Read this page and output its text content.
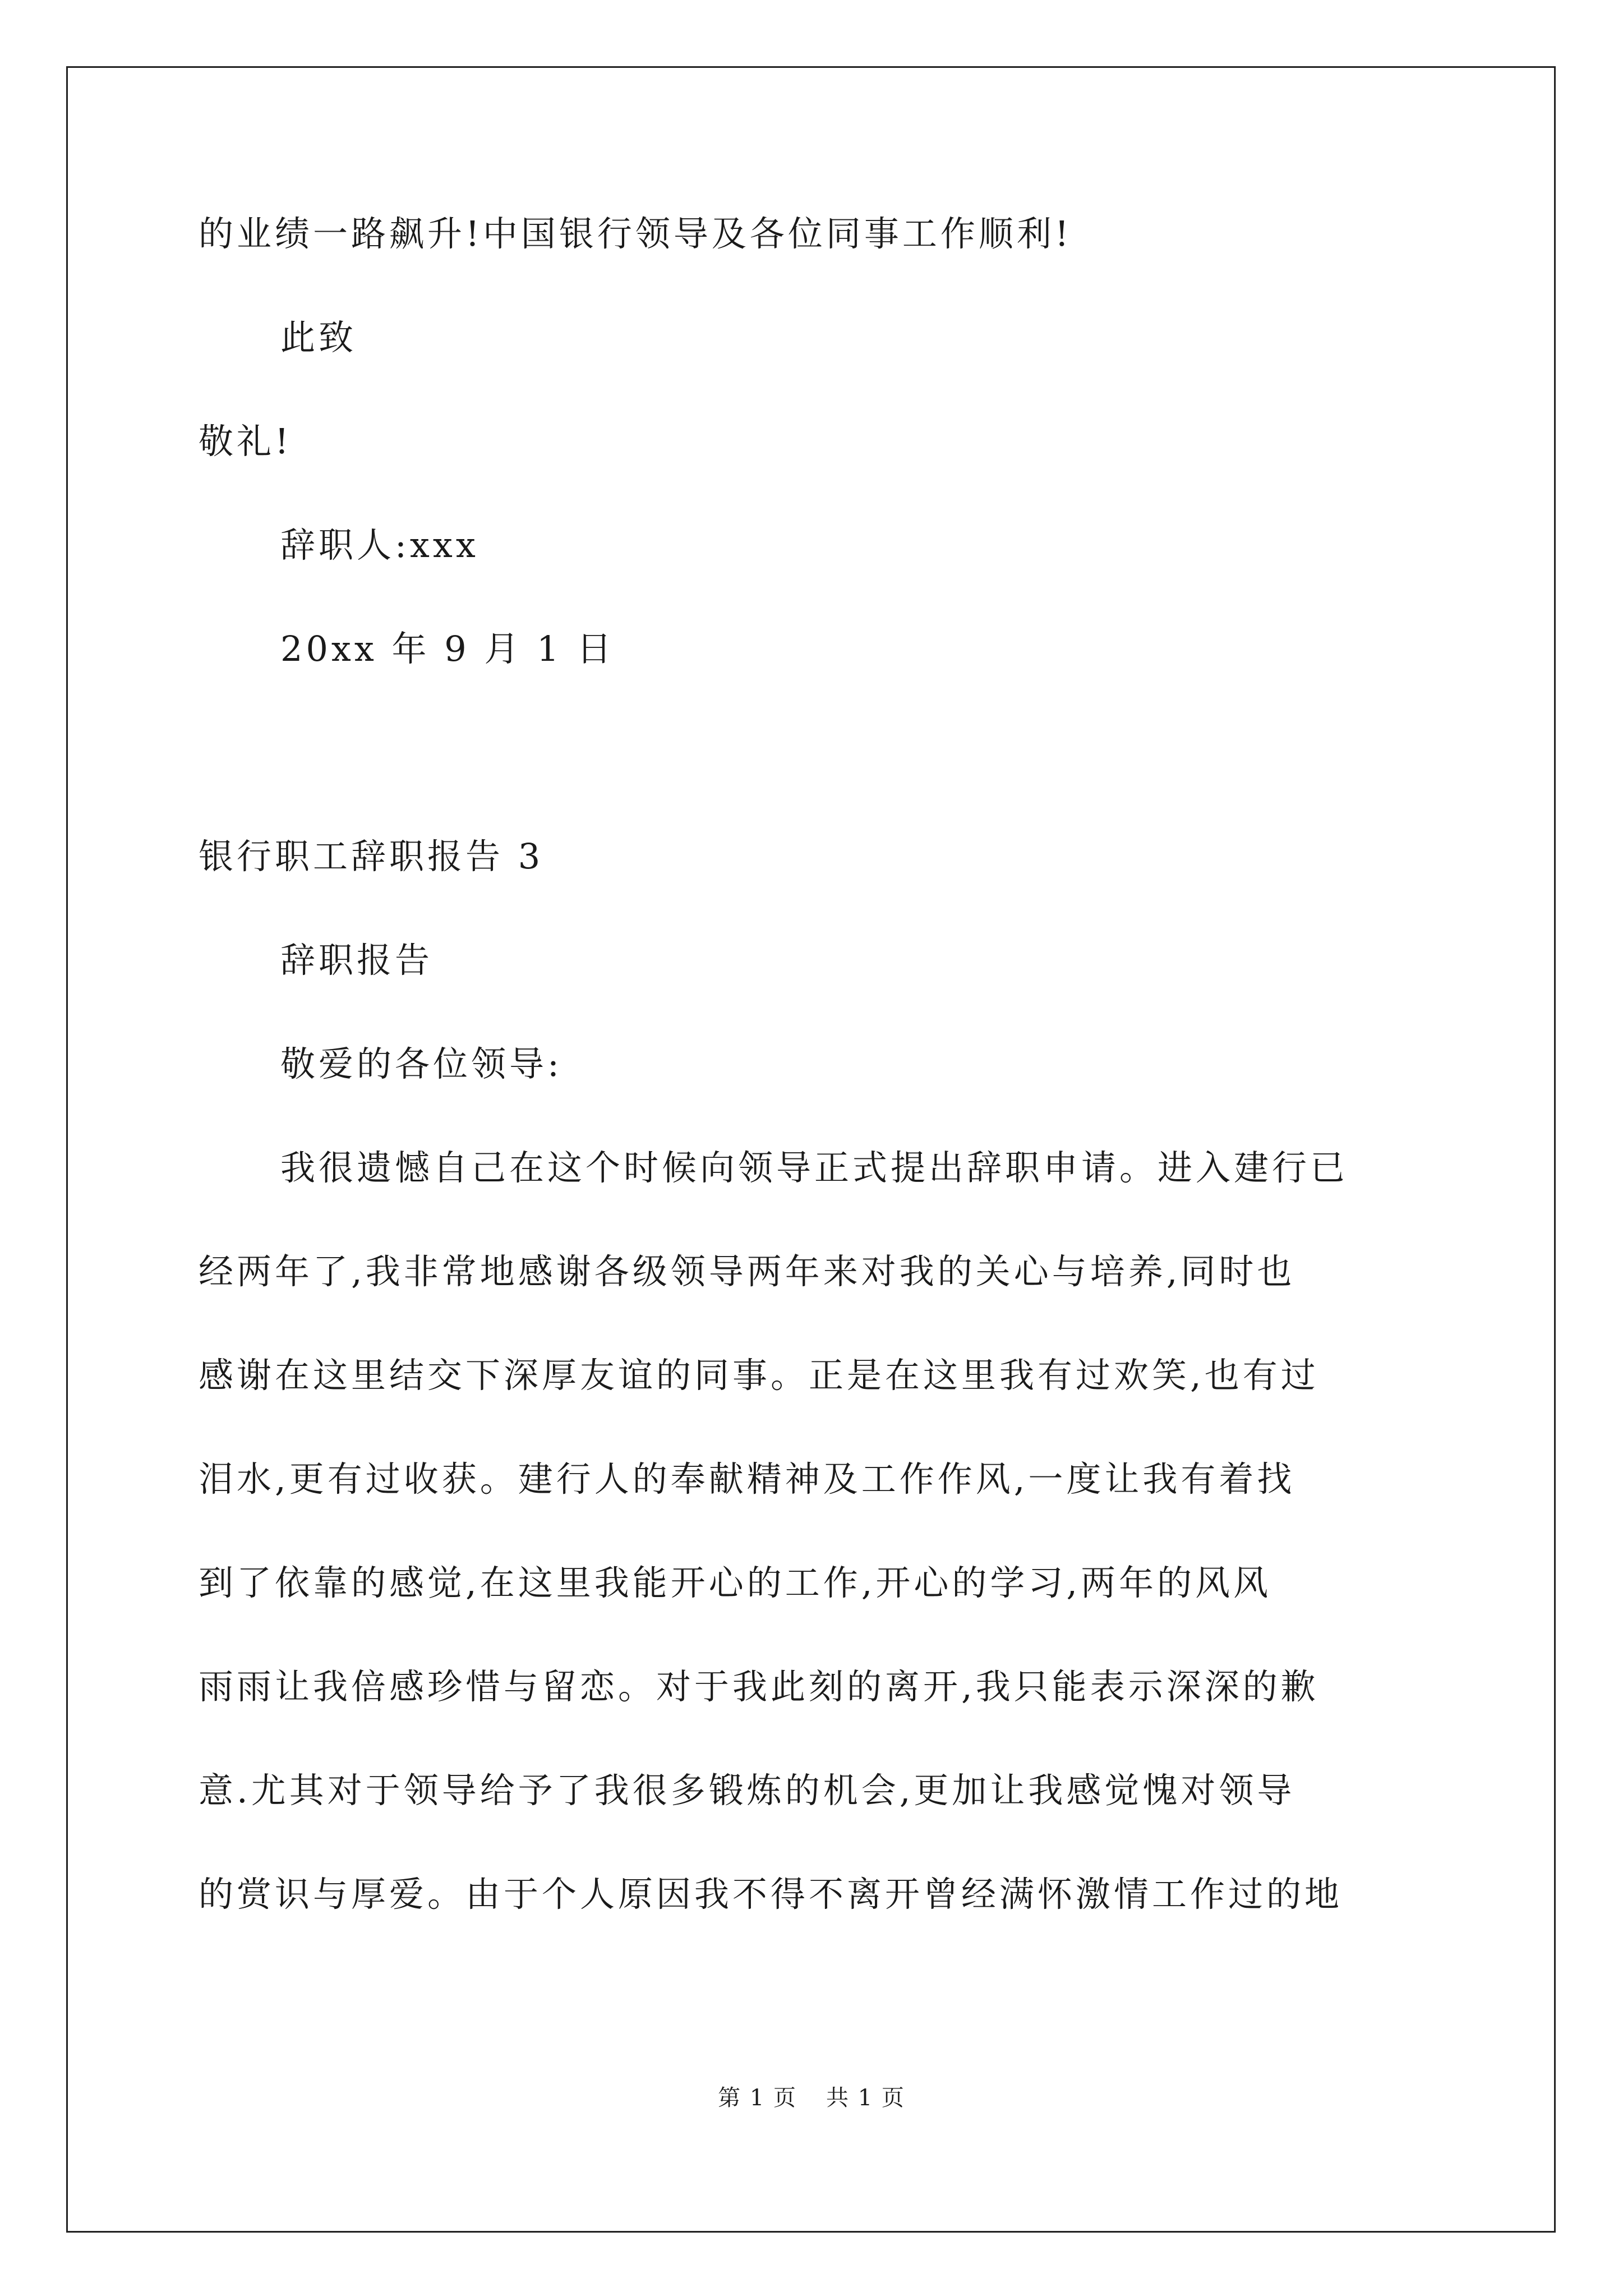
的业绩一路飙升!中国银行领导及各位同事工作顺利!
此致
敬礼!
辞职人:xxx
20xx 年 9 月 1 日
银行职工辞职报告 3
辞职报告
敬爱的各位领导:
我很遗憾自己在这个时候向领导正式提出辞职申请。进入建行已
经两年了,我非常地感谢各级领导两年来对我的关心与培养,同时也
感谢在这里结交下深厚友谊的同事。正是在这里我有过欢笑,也有过
泪水,更有过收获。建行人的奉献精神及工作作风,一度让我有着找
到了依靠的感觉,在这里我能开心的工作,开心的学习,两年的风风
雨雨让我倍感珍惜与留恋。对于我此刻的离开,我只能表示深深的歉
意.尤其对于领导给予了我很多锻炼的机会,更加让我感觉愧对领导
的赏识与厚爱。由于个人原因我不得不离开曾经满怀激情工作过的地
第 1 页 共 1 页
